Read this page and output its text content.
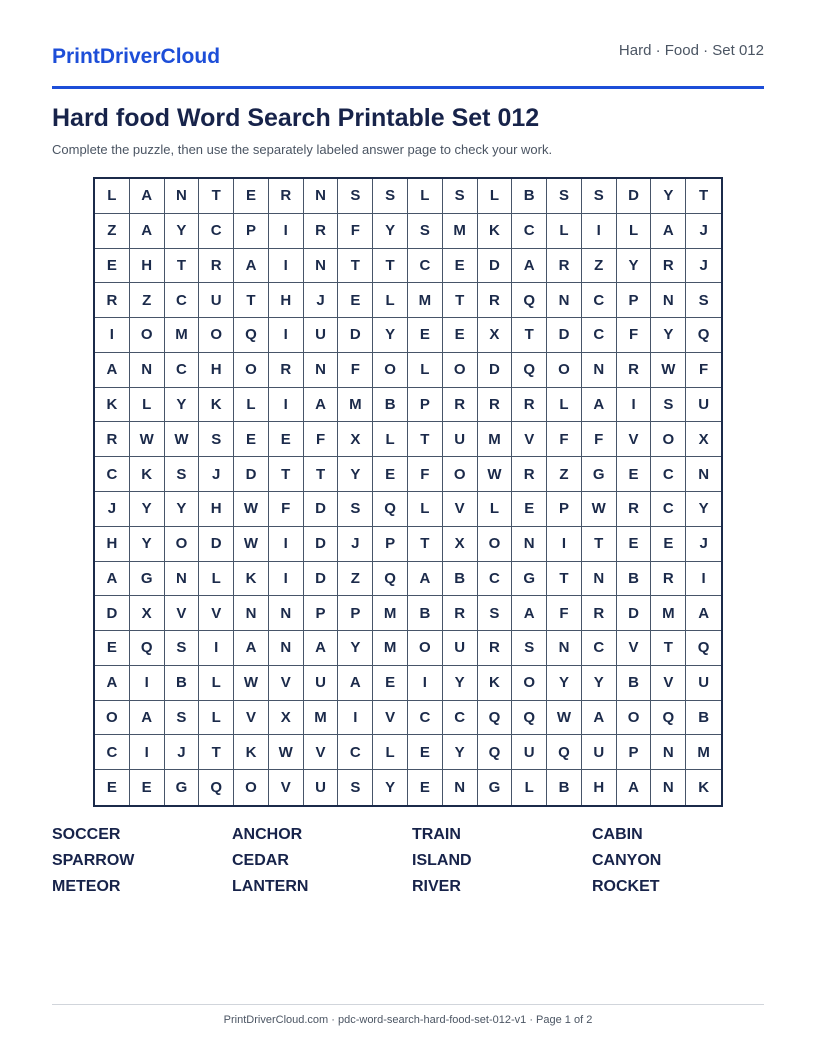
PrintDriverCloud	Hard · Food · Set 012
Hard food Word Search Printable Set 012
Complete the puzzle, then use the separately labeled answer page to check your work.
L	A	N	T	E	R	N	S	S	L	S	L	B	S	S	D	Y	T
Z	A	Y	C	P	I	R	F	Y	S	M	K	C	L	I	L	A	J
E	H	T	R	A	I	N	T	T	C	E	D	A	R	Z	Y	R	J
R	Z	C	U	T	H	J	E	L	M	T	R	Q	N	C	P	N	S
I	O	M	O	Q	I	U	D	Y	E	E	X	T	D	C	F	Y	Q
A	N	C	H	O	R	N	F	O	L	O	D	Q	O	N	R	W	F
K	L	Y	K	L	I	A	M	B	P	R	R	R	L	A	I	S	U
R	W	W	S	E	E	F	X	L	T	U	M	V	F	F	V	O	X
C	K	S	J	D	T	T	Y	E	F	O	W	R	Z	G	E	C	N
J	Y	Y	H	W	F	D	S	Q	L	V	L	E	P	W	R	C	Y
H	Y	O	D	W	I	D	J	P	T	X	O	N	I	T	E	E	J
A	G	N	L	K	I	D	Z	Q	A	B	C	G	T	N	B	R	I
D	X	V	V	N	N	P	P	M	B	R	S	A	F	R	D	M	A
E	Q	S	I	A	N	A	Y	M	O	U	R	S	N	C	V	T	Q
A	I	B	L	W	V	U	A	E	I	Y	K	O	Y	Y	B	V	U
O	A	S	L	V	X	M	I	V	C	C	Q	Q	W	A	O	Q	B
C	I	J	T	K	W	V	C	L	E	Y	Q	U	Q	U	P	N	M
E	E	G	Q	O	V	U	S	Y	E	N	G	L	B	H	A	N	K
SOCCER	ANCHOR	TRAIN	CABIN
SPARROW	CEDAR	ISLAND	CANYON
METEOR	LANTERN	RIVER	ROCKET
PrintDriverCloud.com · pdc-word-search-hard-food-set-012-v1 · Page 1 of 2
